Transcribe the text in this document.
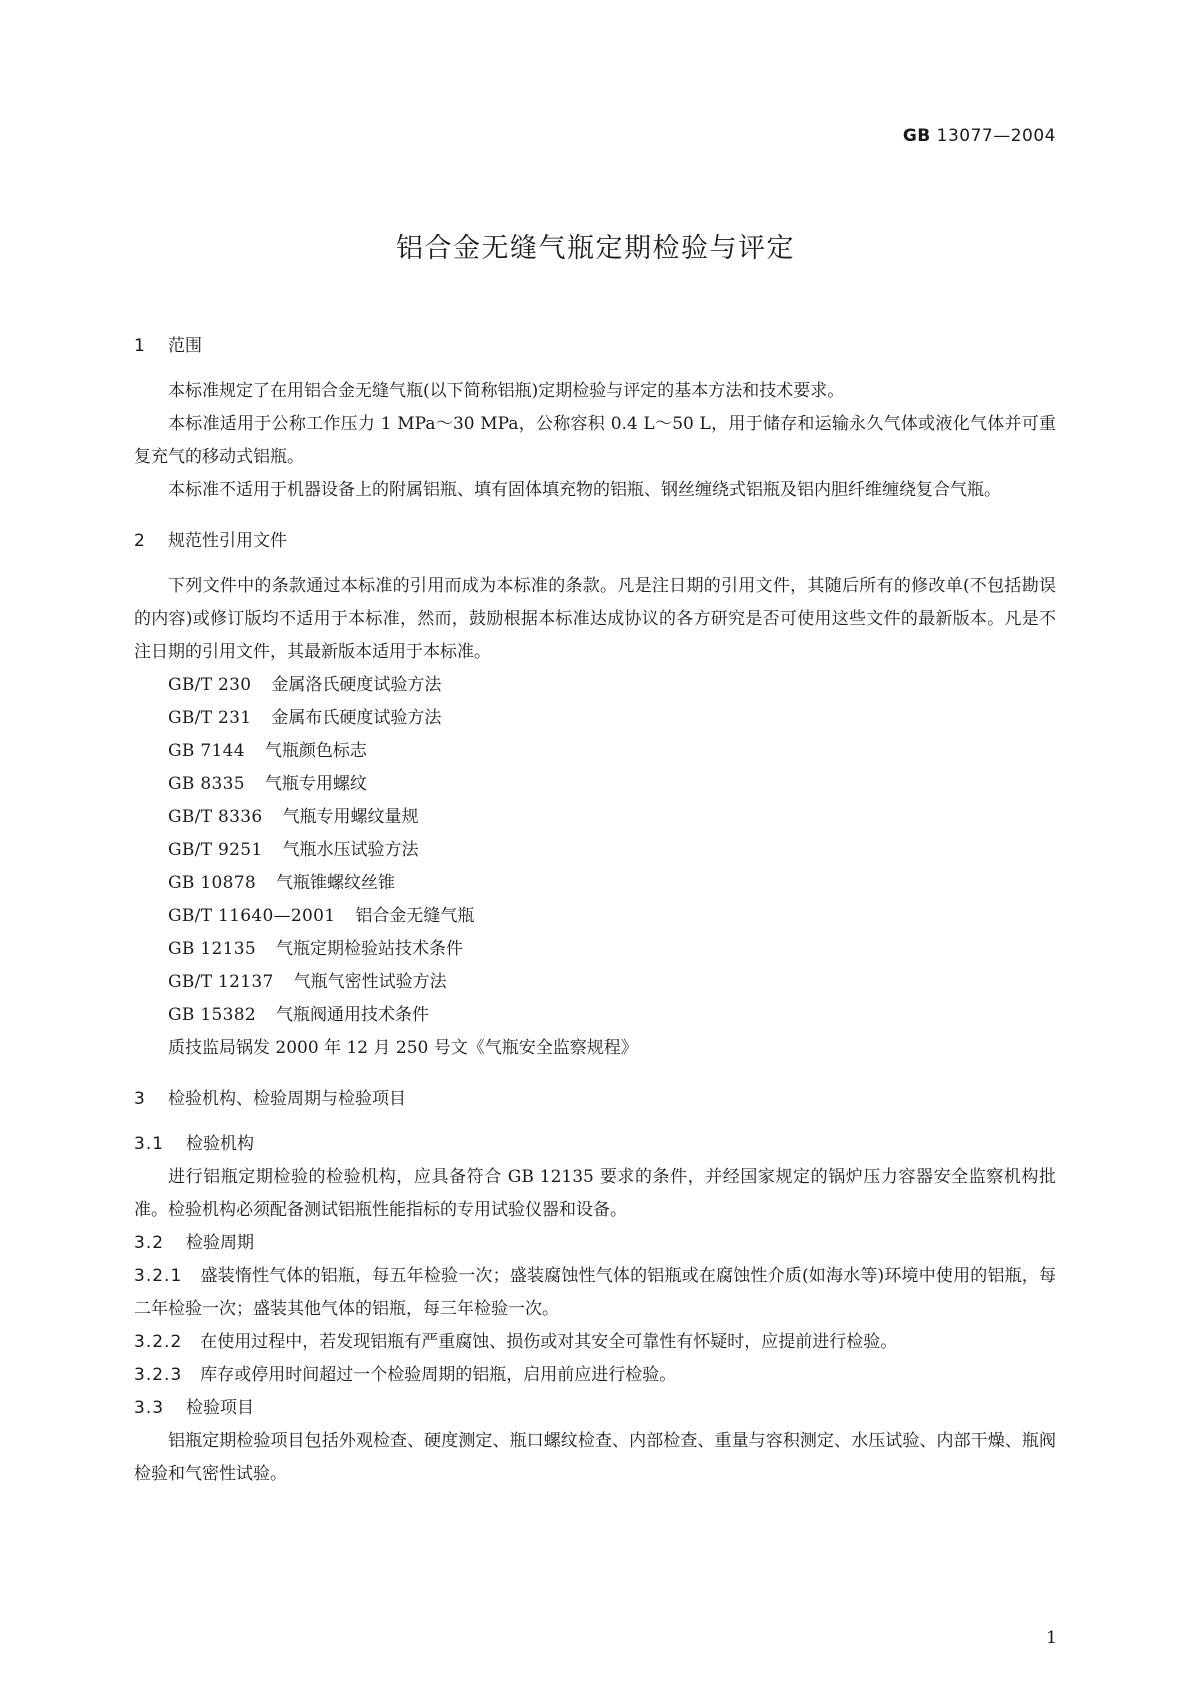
GB 13077—2004
铝合金无缝气瓶定期检验与评定
1 范围

本标准规定了在用铝合金无缝气瓶(以下简称铝瓶)定期检验与评定的基本方法和技术要求。

本标准适用于公称工作压力 1 MPa～30 MPa，公称容积 0.4 L～50 L，用于储存和运输永久气体或液化气体并可重复充气的移动式铝瓶。

本标准不适用于机器设备上的附属铝瓶、填有固体填充物的铝瓶、钢丝缠绕式铝瓶及铝内胆纤维缠绕复合气瓶。

2 规范性引用文件

下列文件中的条款通过本标准的引用而成为本标准的条款。凡是注日期的引用文件，其随后所有的修改单(不包括勘误的内容)或修订版均不适用于本标准，然而，鼓励根据本标准达成协议的各方研究是否可使用这些文件的最新版本。凡是不注日期的引用文件，其最新版本适用于本标准。

GB/T 230 金属洛氏硬度试验方法
GB/T 231 金属布氏硬度试验方法
GB 7144 气瓶颜色标志
GB 8335 气瓶专用螺纹
GB/T 8336 气瓶专用螺纹量规
GB/T 9251 气瓶水压试验方法
GB 10878 气瓶锥螺纹丝锥
GB/T 11640—2001 铝合金无缝气瓶
GB 12135 气瓶定期检验站技术条件
GB/T 12137 气瓶气密性试验方法
GB 15382 气瓶阀通用技术条件
质技监局锅发 2000 年 12 月 250 号文《气瓶安全监察规程》
3 检验机构、检验周期与检验项目
3.1 检验机构

进行铝瓶定期检验的检验机构，应具备符合 GB 12135 要求的条件，并经国家规定的锅炉压力容器安全监察机构批准。检验机构必须配备测试铝瓶性能指标的专用试验仪器和设备。

3.2 检验周期
3.2.1 盛装惰性气体的铝瓶，每五年检验一次；盛装腐蚀性气体的铝瓶或在腐蚀性介质(如海水等)环境中使用的铝瓶，每二年检验一次；盛装其他气体的铝瓶，每三年检验一次。
3.2.2 在使用过程中，若发现铝瓶有严重腐蚀、损伤或对其安全可靠性有怀疑时，应提前进行检验。
3.2.3 库存或停用时间超过一个检验周期的铝瓶，启用前应进行检验。
3.3 检验项目

铝瓶定期检验项目包括外观检查、硬度测定、瓶口螺纹检查、内部检查、重量与容积测定、水压试验、内部干燥、瓶阀检验和气密性试验。

1
